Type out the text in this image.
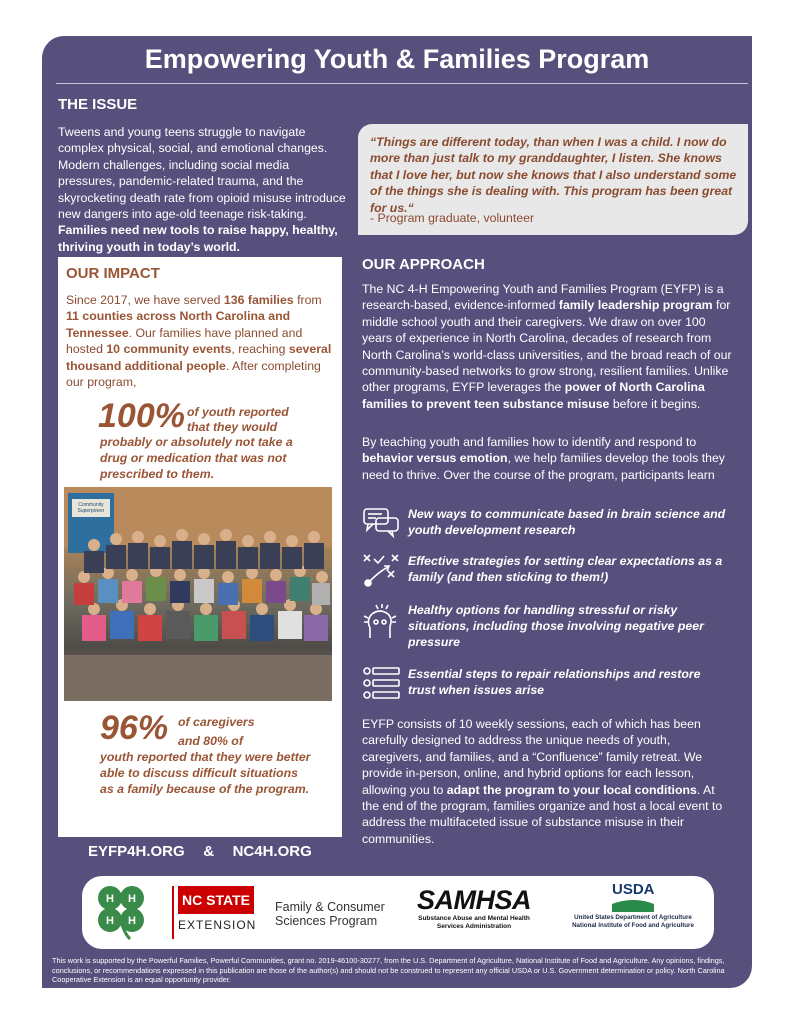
Empowering Youth & Families Program
THE ISSUE
Tweens and young teens struggle to navigate complex physical, social, and emotional changes. Modern challenges, including social media pressures, pandemic-related trauma, and the skyrocketing death rate from opioid misuse introduce new dangers into age-old teenage risk-taking. Families need new tools to raise happy, healthy, thriving youth in today’s world.
“Things are different today, than when I was a child. I now do more than just talk to my granddaughter, I listen. She knows that I love her, but now she knows that I also understand some of the things she is dealing with. This program has been great for us.“
- Program graduate, volunteer
OUR IMPACT
Since 2017, we have served 136 families from 11 counties across North Carolina and Tennessee. Our families have planned and hosted 10 community events, reaching several thousand additional people. After completing our program,
100% of youth reported
that they would
probably or absolutely not take a drug or medication that was not prescribed to them.
Community Superpower
96% of caregivers
and 80% of
youth reported that they were better able to discuss difficult situations as a family because of the program.
EYFP4H.ORG & NC4H.ORG
OUR APPROACH
The NC 4-H Empowering Youth and Families Program (EYFP) is a research-based, evidence-informed family leadership program for middle school youth and their caregivers. We draw on over 100 years of experience in North Carolina, decades of research from North Carolina’s world-class universities, and the broad reach of our community-based networks to grow strong, resilient families. Unlike other programs, EYFP leverages the power of North Carolina families to prevent teen substance misuse before it begins.
By teaching youth and families how to identify and respond to behavior versus emotion, we help families develop the tools they need to thrive. Over the course of the program, participants learn
New ways to communicate based in brain science and youth development research
Effective strategies for setting clear expectations as a family (and then sticking to them!)
Healthy options for handling stressful or risky situations, including those involving negative peer pressure
Essential steps to repair relationships and restore trust when issues arise
EYFP consists of 10 weekly sessions, each of which has been carefully designed to address the unique needs of youth, caregivers, and families, and a “Confluence” family retreat. We provide in-person, online, and hybrid options for each lesson, allowing you to adapt the program to your local conditions. At the end of the program, families organize and host a local event to address the multifaceted issue of substance misuse in their communities.
H H
H H
NC STATE
EXTENSION
Family & Consumer
Sciences Program
SAMHSA
Substance Abuse and Mental Health
Services Administration
USDA
United States Department of Agriculture
National Institute of Food and Agriculture
This work is supported by the Powerful Families, Powerful Communities, grant no. 2019-46100-30277, from the U.S. Department of Agriculture, National Institute of Food and Agriculture. Any opinions, findings, conclusions, or recommendations expressed in this publication are those of the author(s) and should not be construed to represent any official USDA or U.S. Government determination or policy. North Carolina Cooperative Extension is an equal opportunity provider.
